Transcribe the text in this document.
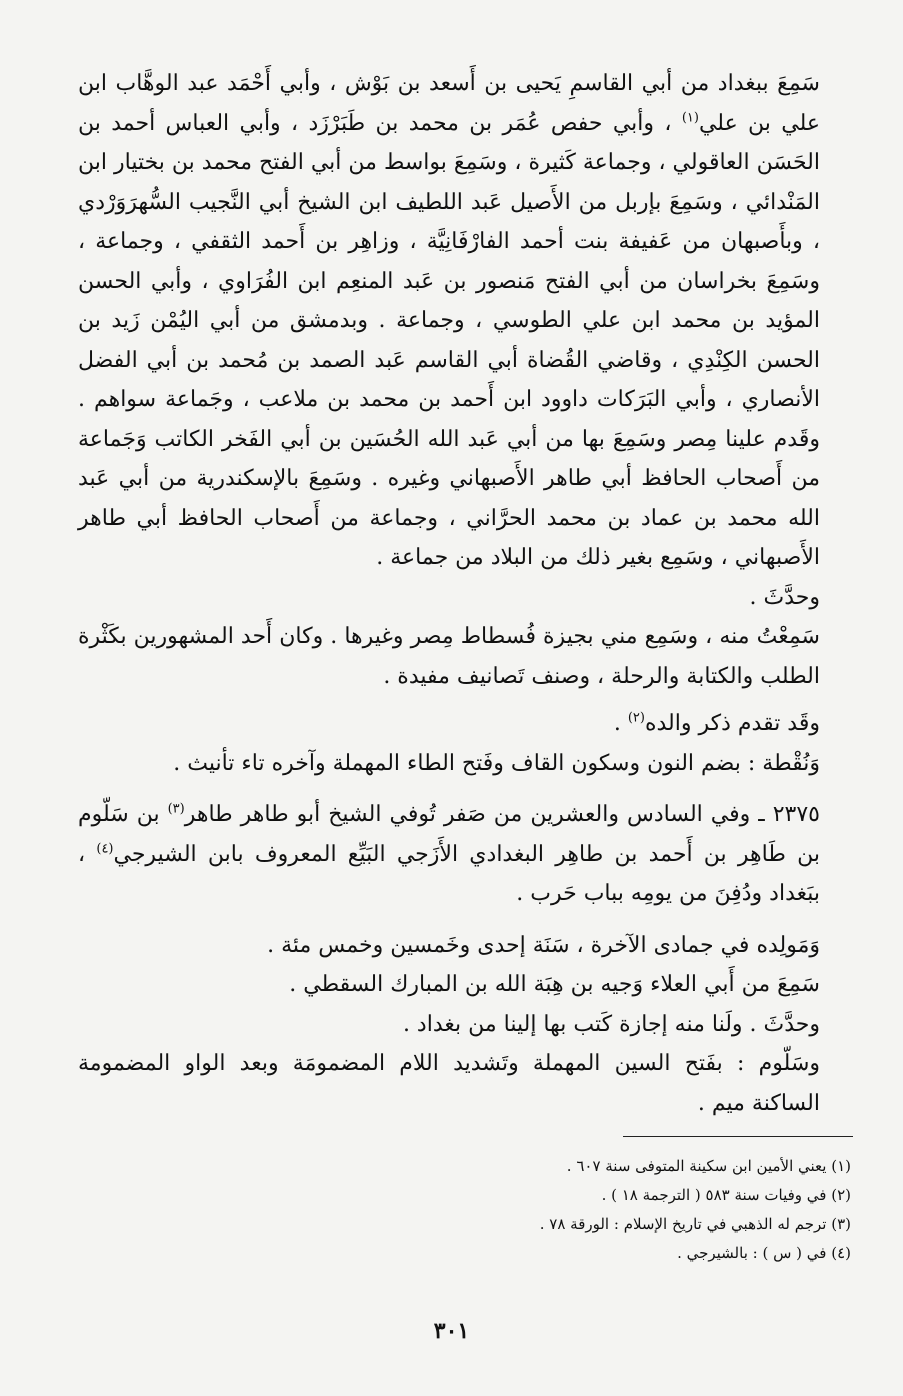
سَمِعَ ببغداد من أبي القاسمِ يَحيى بن أَسعد بن بَوْش ، وأبي أَحْمَد عبد الوهَّاب ابن علي بن علي$^{(١)}$ ، وأبي حفص عُمَر بن محمد بن طَبَرْزَد ، وأبي العباس أحمد بن الحَسَن العاقولي ، وجماعة كَثيرة ، وسَمِعَ بواسط من أبي الفتح محمد بن بختيار ابن المَنْدائي ، وسَمِعَ بإربل من الأَصيل عَبد اللطيف ابن الشيخ أبي النَّجيب السُّهرَوَرْدي ، وبأَصبهان من عَفيفة بنت أحمد الفارْفَانِيَّة ، وزاهِر بن أَحمد الثقفي ، وجماعة ، وسَمِعَ بخراسان من أبي الفتح مَنصور بن عَبد المنعِم ابن الفُرَاوي ، وأبي الحسن المؤيد بن محمد ابن علي الطوسي ، وجماعة . وبدمشق من أبي اليُمْن زَيد بن الحسن الكِنْدِي ، وقاضي القُضاة أبي القاسم عَبد الصمد بن مُحمد بن أبي الفضل الأنصاري ، وأبي البَرَكات داوود ابن أَحمد بن محمد بن ملاعب ، وجَماعة سواهم . وقَدم علينا مِصر وسَمِعَ بها من أبي عَبد الله الحُسَين بن أبي الفَخر الكاتب وَجَماعة من أَصحاب الحافظ أبي طاهر الأَصبهاني وغيره . وسَمِعَ بالإسكندرية من أبي عَبد الله محمد بن عماد بن محمد الحرَّاني ، وجماعة من أَصحاب الحافظ أبي طاهر الأَصبهاني ، وسَمِع بغير ذلك من البلاد من جماعة .

وحدَّثَ .

سَمِعْتُ منه ، وسَمِع مني بجيزة فُسطاط مِصر وغيرها . وكان أَحد المشهورين بكَثْرة الطلب والكتابة والرحلة ، وصنف تَصانيف مفيدة .

وقَد تقدم ذكر والده$^{(٢)}$ .

وَنُقْطة : بضم النون وسكون القاف وفَتح الطاء المهملة وآخره تاء تأنيث .

٢٣٧٥ ـ وفي السادس والعشرين من صَفر تُوفي الشيخ أبو طاهر طاهر$^{(٣)}$ بن سَلّوم بن طَاهِر بن أَحمد بن طاهِر البغدادي الأَزَجي البَيِّع المعروف بابن الشيرجي$^{(٤)}$ ، ببَغداد ودُفِنَ من يومِه بباب حَرب .

وَمَولِده في جمادى الآخرة ، سَنَة إحدى وخَمسين وخمس مئة .

سَمِعَ من أَبي العلاء وَجيه بن هِبَة الله بن المبارك السقطي .

وحدَّثَ . ولَنا منه إجازة كَتب بها إلينا من بغداد .

وسَلّوم : بفَتح السين المهملة وتَشديد اللام المضمومَة وبعد الواو المضمومة الساكنة ميم .

(١) يعني الأمين ابن سكينة المتوفى سنة ٦٠٧ .

(٢) في وفيات سنة ٥٨٣ ( الترجمة ١٨ ) .

(٣) ترجم له الذهبي في تاريخ الإسلام : الورقة ٧٨ .

(٤) في ( س ) : بالشيرجي .

٣٠١
